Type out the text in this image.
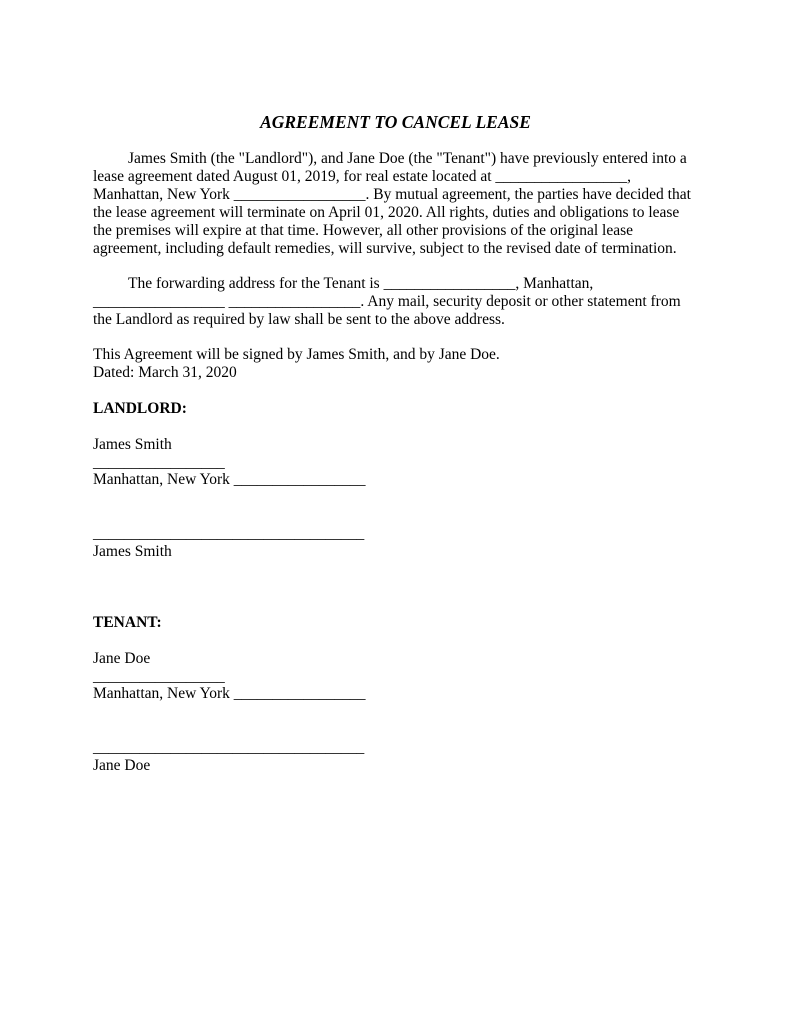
AGREEMENT TO CANCEL LEASE
James Smith (the "Landlord"), and Jane Doe (the "Tenant") have previously entered into a
lease agreement dated August 01, 2019, for real estate located at _________________,
Manhattan, New York _________________. By mutual agreement, the parties have decided that
the lease agreement will terminate on April 01, 2020. All rights, duties and obligations to lease
the premises will expire at that time. However, all other provisions of the original lease
agreement, including default remedies, will survive, subject to the revised date of termination.
The forwarding address for the Tenant is _________________, Manhattan,
_________________ _________________. Any mail, security deposit or other statement from
the Landlord as required by law shall be sent to the above address.
This Agreement will be signed by James Smith, and by Jane Doe.
Dated: March 31, 2020
LANDLORD:
James Smith
_________________
Manhattan, New York _________________
___________________________________
James Smith
TENANT:
Jane Doe
_________________
Manhattan, New York _________________
___________________________________
Jane Doe
